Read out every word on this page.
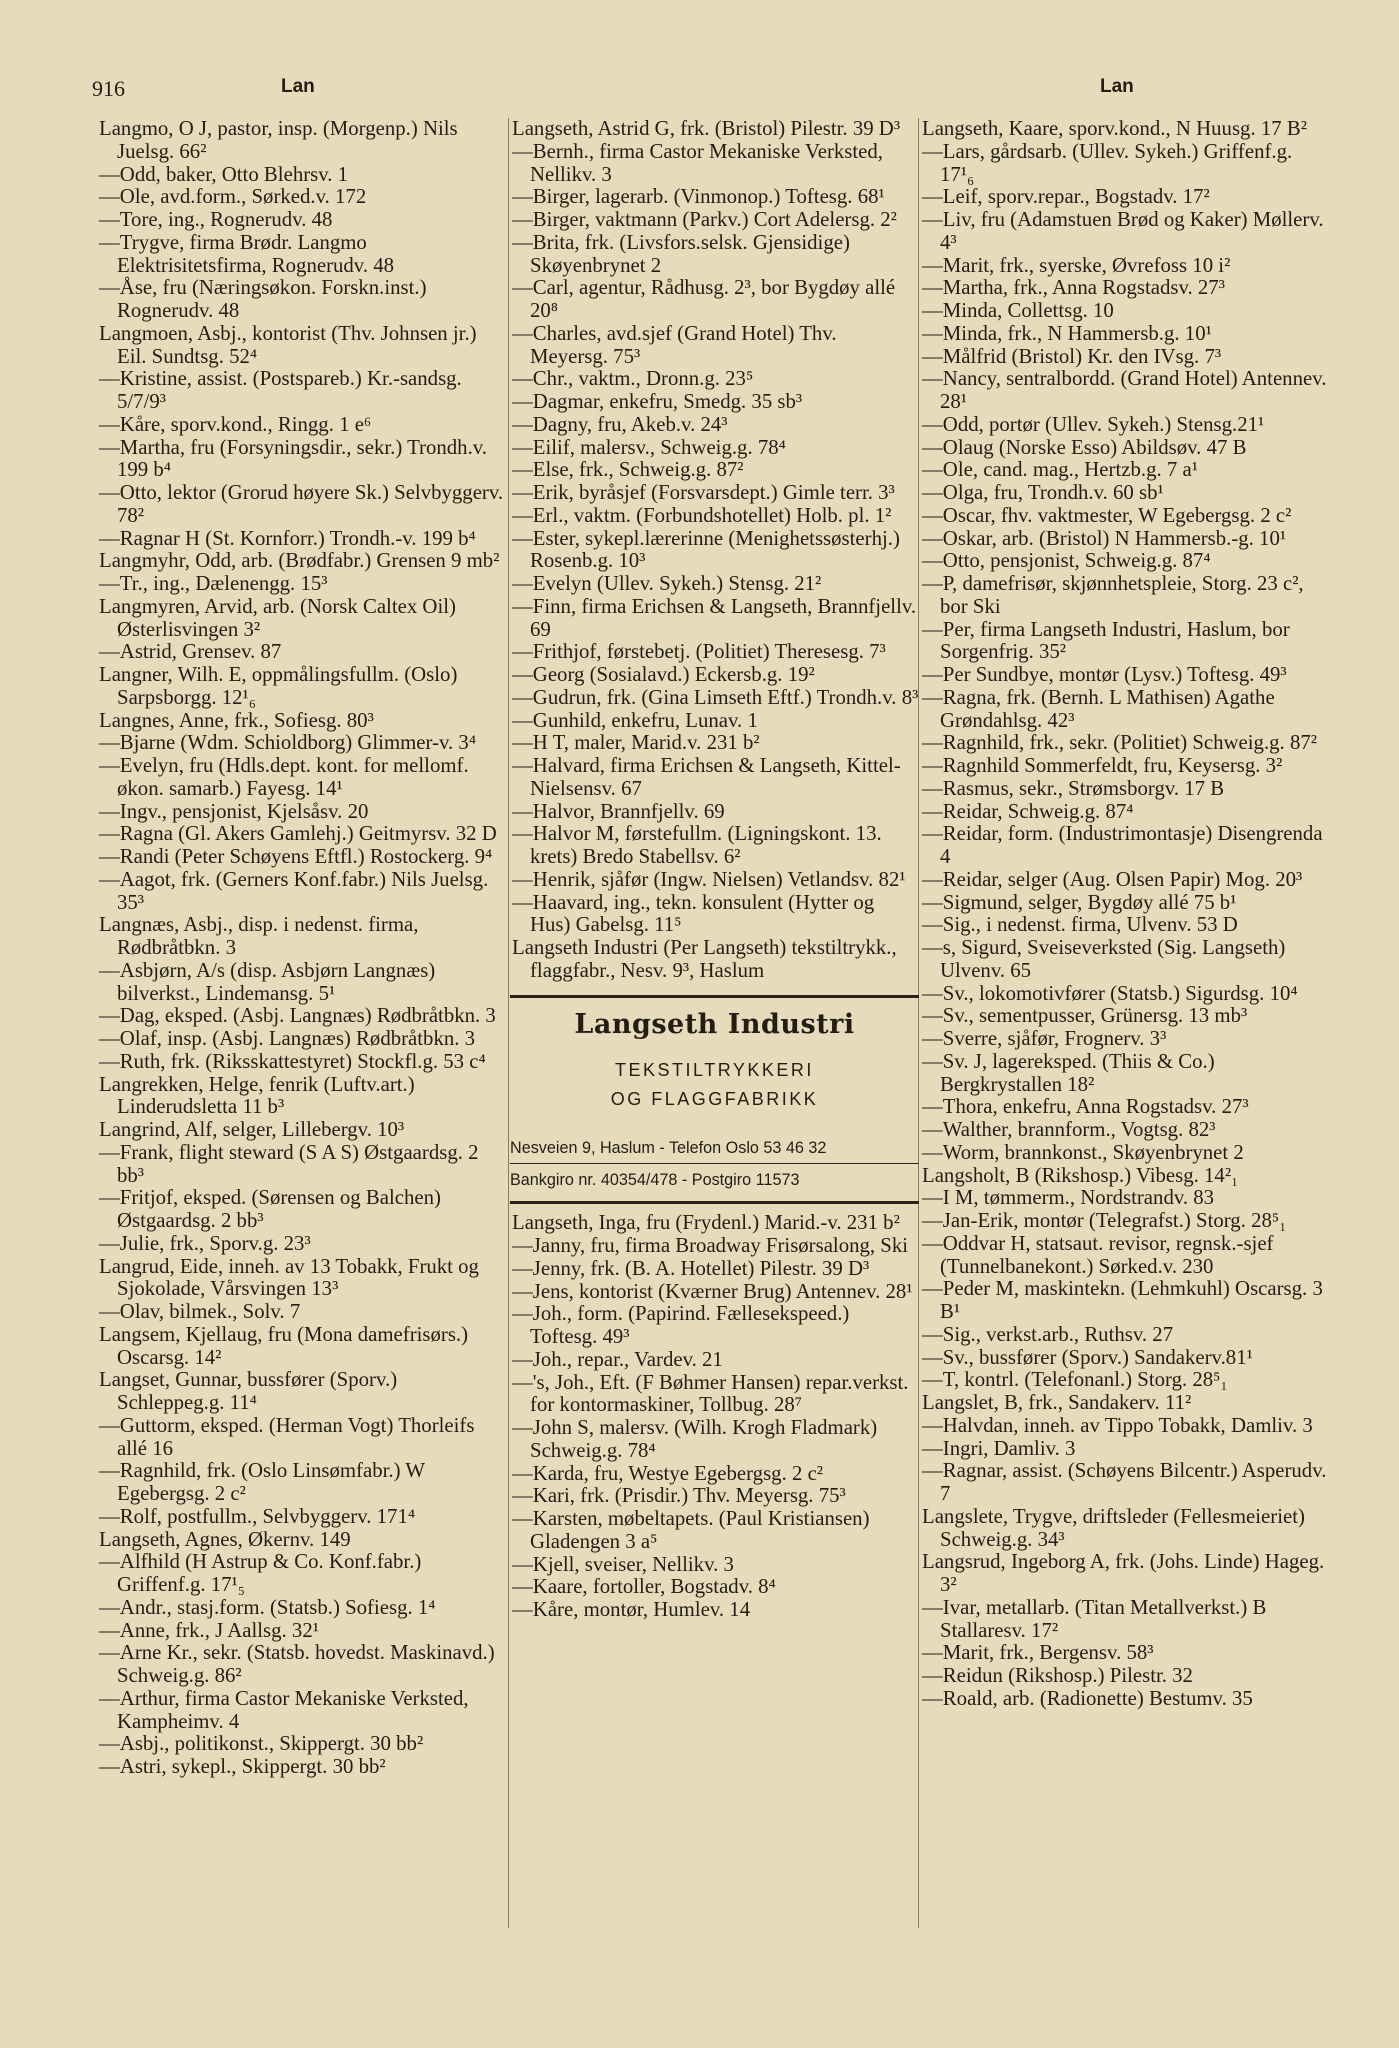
916	Lan	Lan
Langmo, O J, pastor, insp. (Morgenp.) Nils Juelsg. 66²
—Odd, baker, Otto Blehrsv. 1
—Ole, avd.form., Sørked.v. 172
—Tore, ing., Rognerudv. 48
—Trygve, firma Brødr. Langmo Elektrisitetsfirma, Rognerudv. 48
—Åse, fru (Næringsøkon. Forskn.inst.) Rognerudv. 48
Langmoen, Asbj., kontorist (Thv. Johnsen jr.) Eil. Sundtsg. 52⁴
—Kristine, assist. (Postspareb.) Kr.-sandsg. 5/7/9³
—Kåre, sporv.kond., Ringg. 1 e⁶
—Martha, fru (Forsyningsdir., sekr.) Trondh.v. 199 b⁴
—Otto, lektor (Grorud høyere Sk.) Selvbyggerv. 78²
—Ragnar H (St. Kornforr.) Trondh.-v. 199 b⁴
Langmyhr, Odd, arb. (Brødfabr.) Grensen 9 mb²
—Tr., ing., Dælenengg. 15³
Langmyren, Arvid, arb. (Norsk Caltex Oil) Østerlisvingen 3²
—Astrid, Grensev. 87
Langner, Wilh. E, oppmålingsfullm. (Oslo) Sarpsborgg. 12¹₆
Langnes, Anne, frk., Sofiesg. 80³
—Bjarne (Wdm. Schioldborg) Glimmer-v. 3⁴
—Evelyn, fru (Hdls.dept. kont. for mellomf. økon. samarb.) Fayesg. 14¹
—Ingv., pensjonist, Kjelsåsv. 20
—Ragna (Gl. Akers Gamlehj.) Geitmyrsv. 32 D
—Randi (Peter Schøyens Eftfl.) Rostockerg. 9⁴
—Aagot, frk. (Gerners Konf.fabr.) Nils Juelsg. 35³
Langnæs, Asbj., disp. i nedenst. firma, Rødbråtbkn. 3
—Asbjørn, A/s (disp. Asbjørn Langnæs) bilverkst., Lindemansg. 5¹
—Dag, eksped. (Asbj. Langnæs) Rødbråtbkn. 3
—Olaf, insp. (Asbj. Langnæs) Rødbråtbkn. 3
—Ruth, frk. (Riksskattestyret) Stockfl.g. 53 c⁴
Langrekken, Helge, fenrik (Luftv.art.) Linderudsletta 11 b³
Langrind, Alf, selger, Lillebergv. 10³
—Frank, flight steward (S A S) Østgaardsg. 2 bb³
—Fritjof, eksped. (Sørensen og Balchen) Østgaardsg. 2 bb³
—Julie, frk., Sporv.g. 23³
Langrud, Eide, inneh. av 13 Tobakk, Frukt og Sjokolade, Vårsvingen 13³
—Olav, bilmek., Solv. 7
Langsem, Kjellaug, fru (Mona damefrisørs.) Oscarsg. 14²
Langset, Gunnar, bussfører (Sporv.) Schleppeg.g. 11⁴
—Guttorm, eksped. (Herman Vogt) Thorleifs allé 16
—Ragnhild, frk. (Oslo Linsømfabr.) W Egebergsg. 2 c²
—Rolf, postfullm., Selvbyggerv. 171⁴
Langseth, Agnes, Økernv. 149
—Alfhild (H Astrup & Co. Konf.fabr.) Griffenf.g. 17¹₅
—Andr., stasj.form. (Statsb.) Sofiesg. 1⁴
—Anne, frk., J Aallsg. 32¹
—Arne Kr., sekr. (Statsb. hovedst. Maskinavd.) Schweig.g. 86²
—Arthur, firma Castor Mekaniske Verksted, Kampheimv. 4
—Asbj., politikonst., Skippergt. 30 bb²
—Astri, sykepl., Skippergt. 30 bb²
Langseth, Astrid G, frk. (Bristol) Pilestr. 39 D³
—Bernh., firma Castor Mekaniske Verksted, Nellikv. 3
—Birger, lagerarb. (Vinmonop.) Toftesg. 68¹
—Birger, vaktmann (Parkv.) Cort Adelersg. 2²
—Brita, frk. (Livsfors.selsk. Gjensidige) Skøyenbrynet 2
—Carl, agentur, Rådhusg. 2³, bor Bygdøy allé 20⁸
—Charles, avd.sjef (Grand Hotel) Thv. Meyersg. 75³
—Chr., vaktm., Dronn.g. 23⁵
—Dagmar, enkefru, Smedg. 35 sb³
—Dagny, fru, Akeb.v. 24³
—Eilif, malersv., Schweig.g. 78⁴
—Else, frk., Schweig.g. 87²
—Erik, byråsjef (Forsvarsdept.) Gimle terr. 3³
—Erl., vaktm. (Forbundshotellet) Holb. pl. 1²
—Ester, sykepl.lærerinne (Menighetssøsterhj.) Rosenb.g. 10³
—Evelyn (Ullev. Sykeh.) Stensg. 21²
—Finn, firma Erichsen & Langseth, Brannfjellv. 69
—Frithjof, førstebetj. (Politiet) Theresesg. 7³
—Georg (Sosialavd.) Eckersb.g. 19²
—Gudrun, frk. (Gina Limseth Eftf.) Trondh.v. 8³
—Gunhild, enkefru, Lunav. 1
—H T, maler, Marid.v. 231 b²
—Halvard, firma Erichsen & Langseth, Kittel-Nielsensv. 67
—Halvor, Brannfjellv. 69
—Halvor M, førstefullm. (Ligningskont. 13. krets) Bredo Stabellsv. 6²
—Henrik, sjåfør (Ingw. Nielsen) Vetlandsv. 82¹
—Haavard, ing., tekn. konsulent (Hytter og Hus) Gabelsg. 11⁵
Langseth Industri (Per Langseth) tekstiltrykk., flaggfabr., Nesv. 9³, Haslum
Langseth Industri
TEKSTILTRYKKERI
OG FLAGGFABRIKK
Nesveien 9, Haslum - Telefon Oslo 53 46 32
Bankgiro nr. 40354/478 - Postgiro 11573
Langseth, Inga, fru (Frydenl.) Marid.-v. 231 b²
—Janny, fru, firma Broadway Frisørsalong, Ski
—Jenny, frk. (B. A. Hotellet) Pilestr. 39 D³
—Jens, kontorist (Kværner Brug) Antennev. 28¹
—Joh., form. (Papirind. Fællesekspeed.) Toftesg. 49³
—Joh., repar., Vardev. 21
—'s, Joh., Eft. (F Bøhmer Hansen) repar.verkst. for kontormaskiner, Tollbug. 28⁷
—John S, malersv. (Wilh. Krogh Fladmark) Schweig.g. 78⁴
—Karda, fru, Westye Egebergsg. 2 c²
—Kari, frk. (Prisdir.) Thv. Meyersg. 75³
—Karsten, møbeltapets. (Paul Kristiansen) Gladengen 3 a⁵
—Kjell, sveiser, Nellikv. 3
—Kaare, fortoller, Bogstadv. 8⁴
—Kåre, montør, Humlev. 14
Langseth, Kaare, sporv.kond., N Huusg. 17 B²
—Lars, gårdsarb. (Ullev. Sykeh.) Griffenf.g. 17¹₆
—Leif, sporv.repar., Bogstadv. 17²
—Liv, fru (Adamstuen Brød og Kaker) Møllerv. 4³
—Marit, frk., syerske, Øvrefoss 10 i²
—Martha, frk., Anna Rogstadsv. 27³
—Minda, Collettsg. 10
—Minda, frk., N Hammersb.g. 10¹
—Målfrid (Bristol) Kr. den IVsg. 7³
—Nancy, sentralbordd. (Grand Hotel) Antennev. 28¹
—Odd, portør (Ullev. Sykeh.) Stensg.21¹
—Olaug (Norske Esso) Abildsøv. 47 B
—Ole, cand. mag., Hertzb.g. 7 a¹
—Olga, fru, Trondh.v. 60 sb¹
—Oscar, fhv. vaktmester, W Egebergsg. 2 c²
—Oskar, arb. (Bristol) N Hammersb.-g. 10¹
—Otto, pensjonist, Schweig.g. 87⁴
—P, damefrisør, skjønnhetspleie, Storg. 23 c², bor Ski
—Per, firma Langseth Industri, Haslum, bor Sorgenfrig. 35²
—Per Sundbye, montør (Lysv.) Toftesg. 49³
—Ragna, frk. (Bernh. L Mathisen) Agathe Grøndahlsg. 42³
—Ragnhild, frk., sekr. (Politiet) Schweig.g. 87²
—Ragnhild Sommerfeldt, fru, Keysersg. 3²
—Rasmus, sekr., Strømsborgv. 17 B
—Reidar, Schweig.g. 87⁴
—Reidar, form. (Industrimontasje) Disengrenda 4
—Reidar, selger (Aug. Olsen Papir) Mog. 20³
—Sigmund, selger, Bygdøy allé 75 b¹
—Sig., i nedenst. firma, Ulvenv. 53 D
—s, Sigurd, Sveiseverksted (Sig. Langseth) Ulvenv. 65
—Sv., lokomotivfører (Statsb.) Sigurdsg. 10⁴
—Sv., sementpusser, Grünersg. 13 mb³
—Sverre, sjåfør, Frognerv. 3³
—Sv. J, lagereksped. (Thiis & Co.) Bergkrystallen 18²
—Thora, enkefru, Anna Rogstadsv. 27³
—Walther, brannform., Vogtsg. 82³
—Worm, brannkonst., Skøyenbrynet 2
Langsholt, B (Rikshosp.) Vibesg. 14²₁
—I M, tømmerm., Nordstrandv. 83
—Jan-Erik, montør (Telegrafst.) Storg. 28⁵₁
—Oddvar H, statsaut. revisor, regnsk.-sjef (Tunnelbanekont.) Sørked.v. 230
—Peder M, maskintekn. (Lehmkuhl) Oscarsg. 3 B¹
—Sig., verkst.arb., Ruthsv. 27
—Sv., bussfører (Sporv.) Sandakerv.81¹
—T, kontrl. (Telefonanl.) Storg. 28⁵₁
Langslet, B, frk., Sandakerv. 11²
—Halvdan, inneh. av Tippo Tobakk, Damliv. 3
—Ingri, Damliv. 3
—Ragnar, assist. (Schøyens Bilcentr.) Asperudv. 7
Langslete, Trygve, driftsleder (Fellesmeieriet) Schweig.g. 34³
Langsrud, Ingeborg A, frk. (Johs. Linde) Hageg. 3²
—Ivar, metallarb. (Titan Metallverkst.) B Stallaresv. 17²
—Marit, frk., Bergensv. 58³
—Reidun (Rikshosp.) Pilestr. 32
—Roald, arb. (Radionette) Bestumv. 35
